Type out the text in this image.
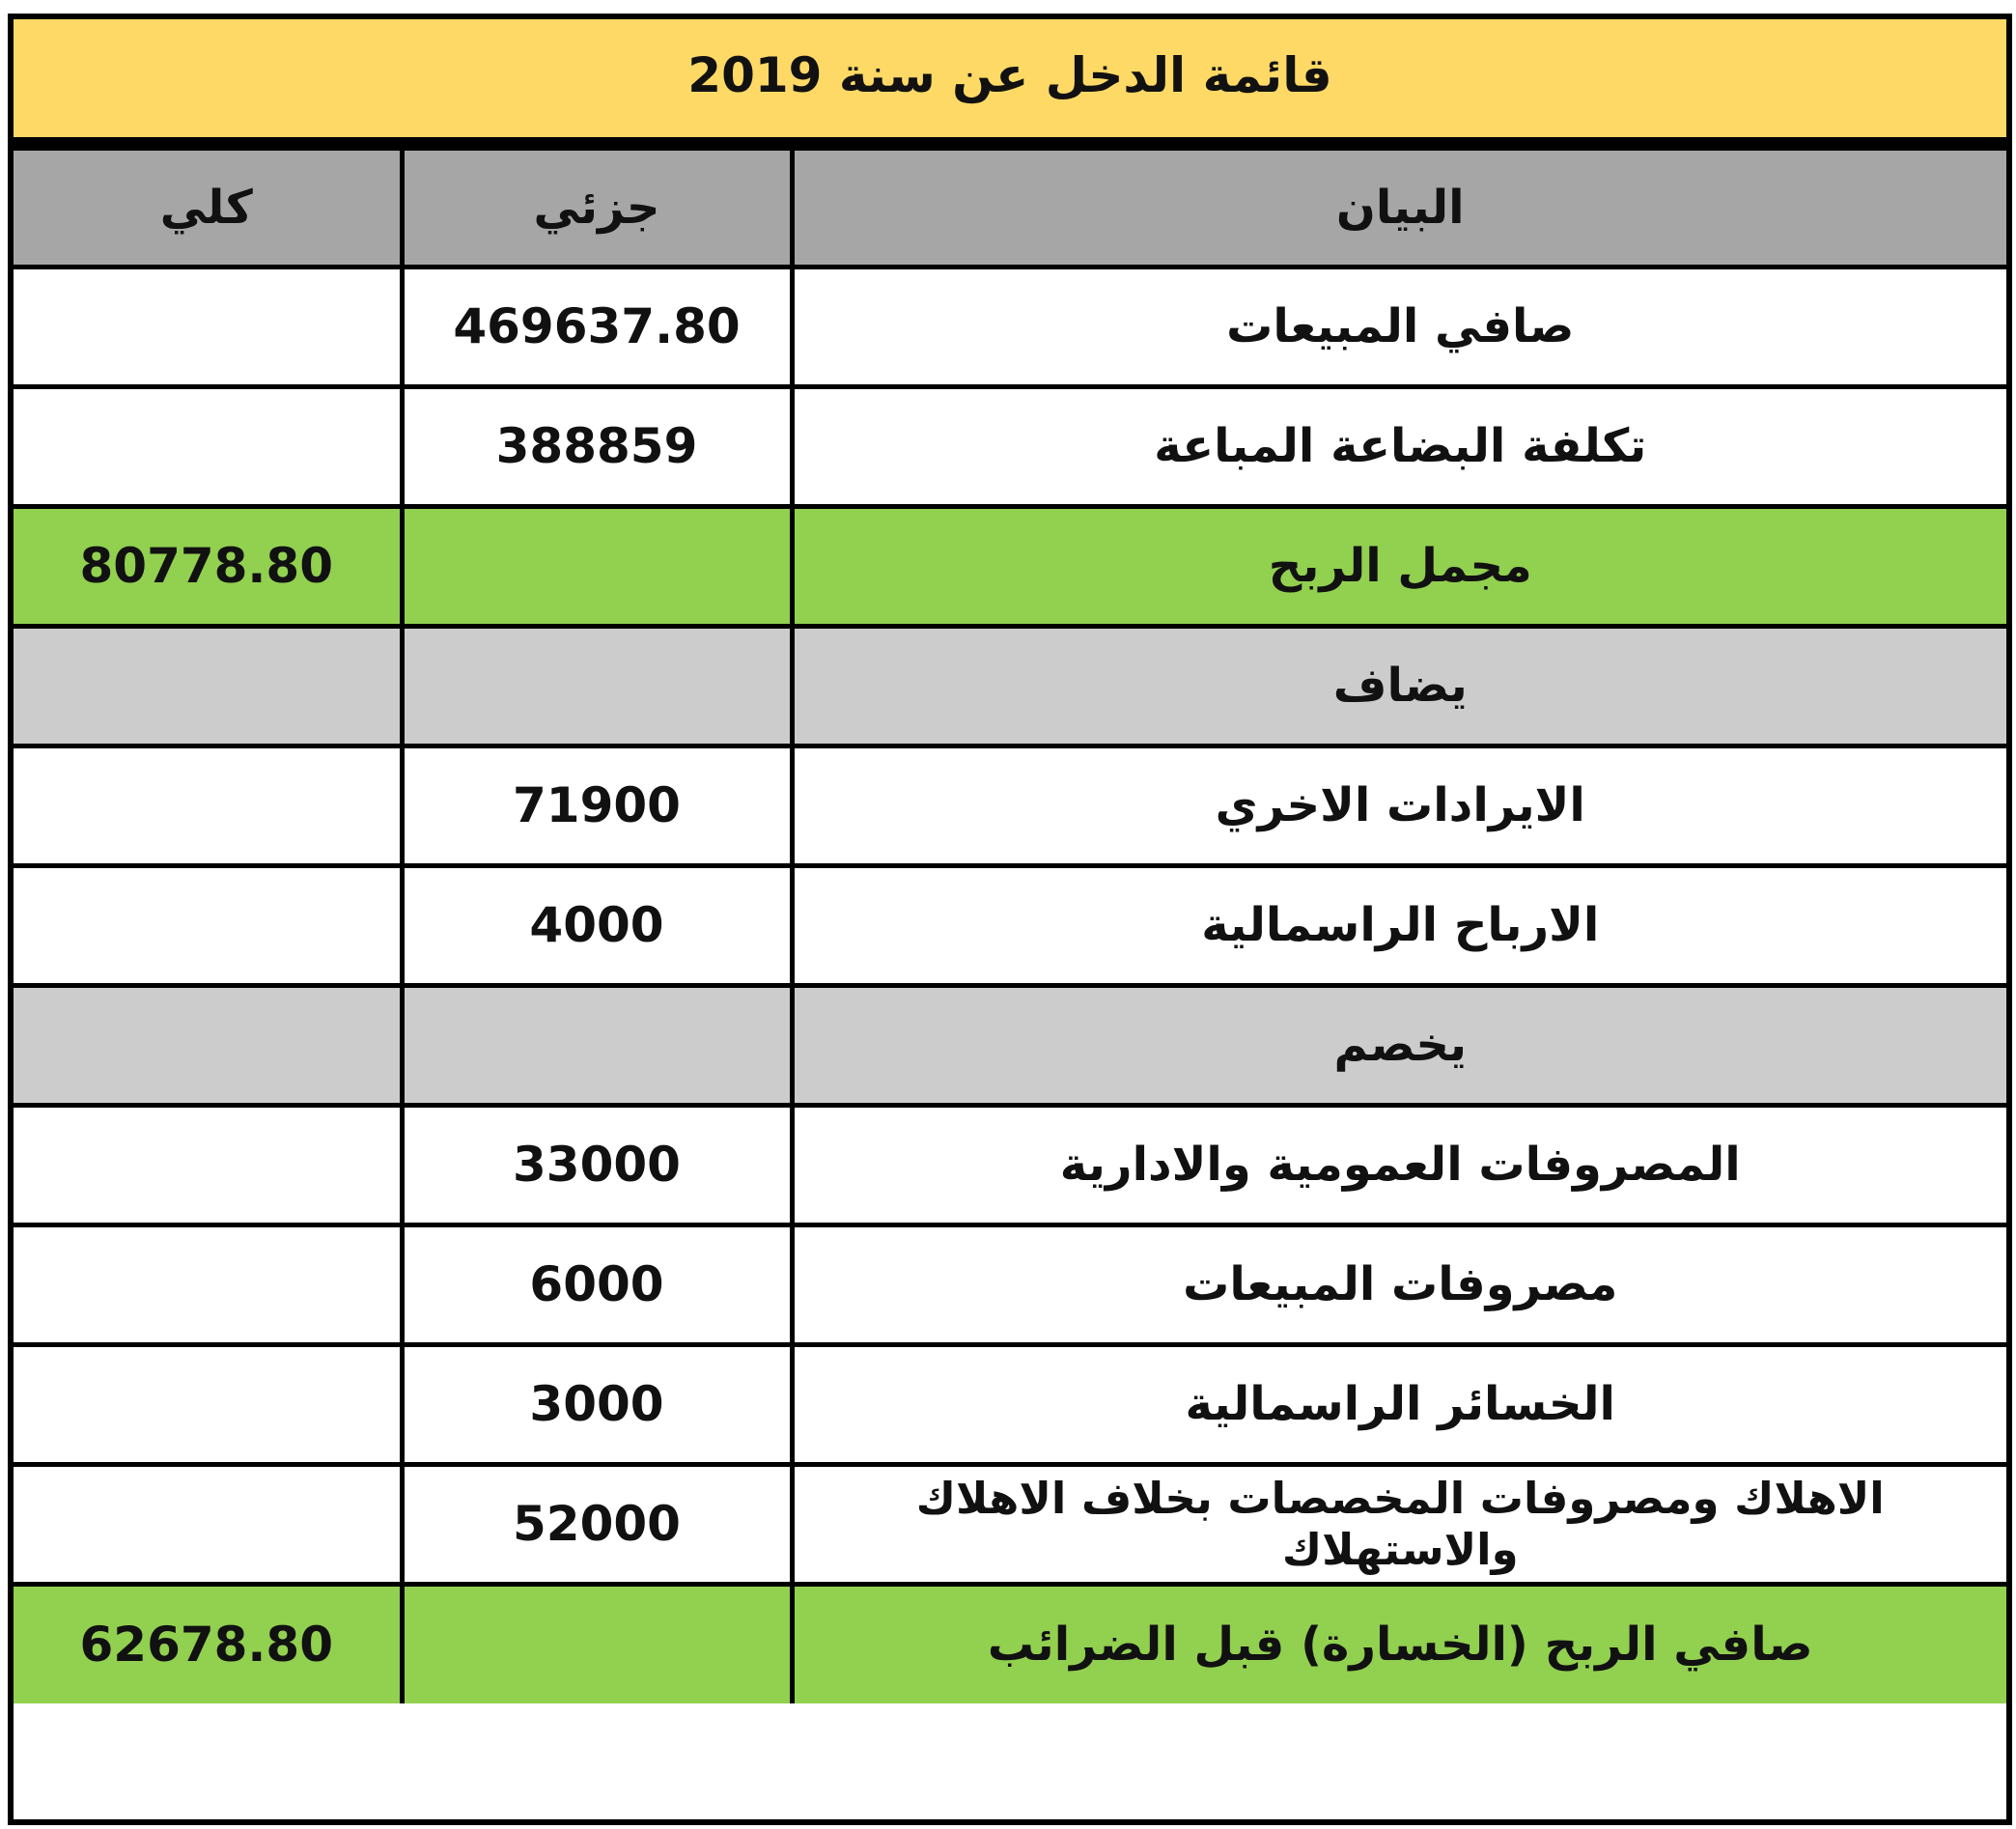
قائمة الدخل عن سنة 2019
البيان	جزئي	كلي
صافي المبيعات	469637.80	
تكلفة البضاعة المباعة	388859	
مجمل الربح		80778.80
يضاف		
الايرادات الاخري	71900	
الارباح الراسمالية	4000	
يخصم		
المصروفات العمومية والادارية	33000	
مصروفات المبيعات	6000	
الخسائر الراسمالية	3000	
الاهلاك ومصروفات المخصصات بخلاف الاهلاك والاستهلاك	52000	
صافي الربح (الخسارة) قبل الضرائب		62678.80
خمسات
